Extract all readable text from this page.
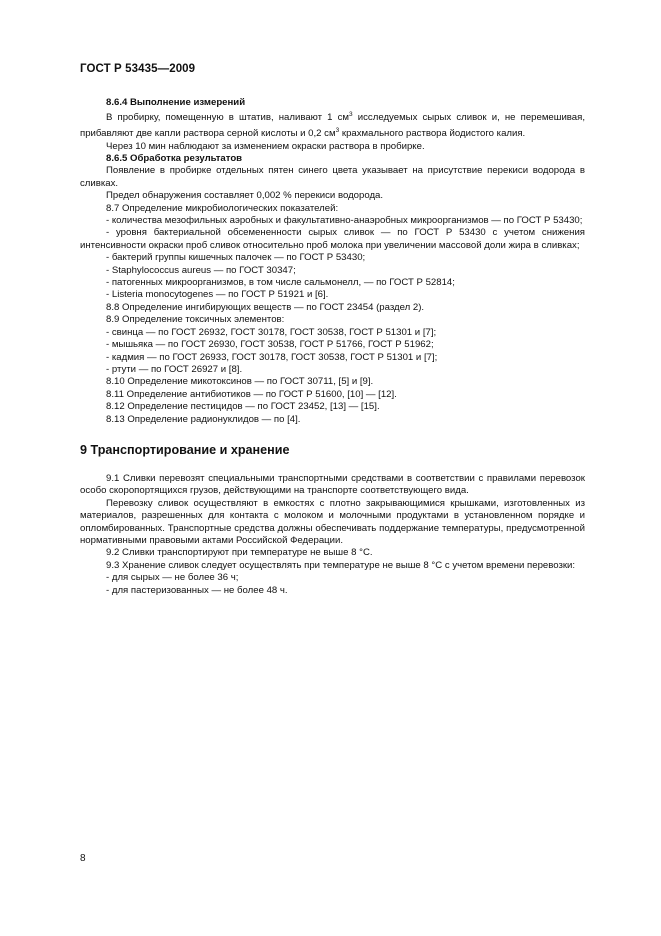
ГОСТ Р 53435—2009

8.6.4 Выполнение измерений

В пробирку, помещенную в штатив, наливают 1 $см^3$ исследуемых сырых сливок и, не перемешивая, прибавляют две капли раствора серной кислоты и 0,2 $см^3$ крахмального раствора йодистого калия.

Через 10 мин наблюдают за изменением окраски раствора в пробирке.

8.6.5 Обработка результатов

Появление в пробирке отдельных пятен синего цвета указывает на присутствие перекиси водорода в сливках.

Предел обнаружения составляет 0,002 % перекиси водорода.

8.7 Определение микробиологических показателей:

- количества мезофильных аэробных и факультативно-анаэробных микроорганизмов — по ГОСТ Р 53430;

- уровня бактериальной обсемененности сырых сливок — по ГОСТ Р 53430 с учетом снижения интенсивности окраски проб сливок относительно проб молока при увеличении массовой доли жира в сливках;

- бактерий группы кишечных палочек — по ГОСТ Р 53430;

- Staphylococcus aureus — по ГОСТ 30347;

- патогенных микроорганизмов, в том числе сальмонелл, — по ГОСТ Р 52814;

- Listeria monocytogenes — по ГОСТ Р 51921 и [6].

8.8 Определение ингибирующих веществ — по ГОСТ 23454 (раздел 2).

8.9 Определение токсичных элементов:

- свинца — по ГОСТ 26932, ГОСТ 30178, ГОСТ 30538, ГОСТ Р 51301 и [7];

- мышьяка — по ГОСТ 26930, ГОСТ 30538, ГОСТ Р 51766, ГОСТ Р 51962;

- кадмия — по ГОСТ 26933, ГОСТ 30178, ГОСТ 30538, ГОСТ Р 51301 и [7];

- ртути — по ГОСТ 26927 и [8].

8.10 Определение микотоксинов — по ГОСТ 30711, [5] и [9].

8.11 Определение антибиотиков — по ГОСТ Р 51600, [10] — [12].

8.12 Определение пестицидов — по ГОСТ 23452, [13] — [15].

8.13 Определение радионуклидов — по [4].

9 Транспортирование и хранение

9.1 Сливки перевозят специальными транспортными средствами в соответствии с правилами перевозок особо скоропортящихся грузов, действующими на транспорте соответствующего вида.

Перевозку сливок осуществляют в емкостях с плотно закрывающимися крышками, изготовленных из материалов, разрешенных для контакта с молоком и молочными продуктами в установленном порядке и опломбированных. Транспортные средства должны обеспечивать поддержание температуры, предусмотренной нормативными правовыми актами Российской Федерации.

9.2 Сливки транспортируют при температуре не выше 8 °С.

9.3 Хранение сливок следует осуществлять при температуре не выше 8 °С с учетом времени перевозки:

- для сырых — не более 36 ч;

- для пастеризованных — не более 48 ч.

8
